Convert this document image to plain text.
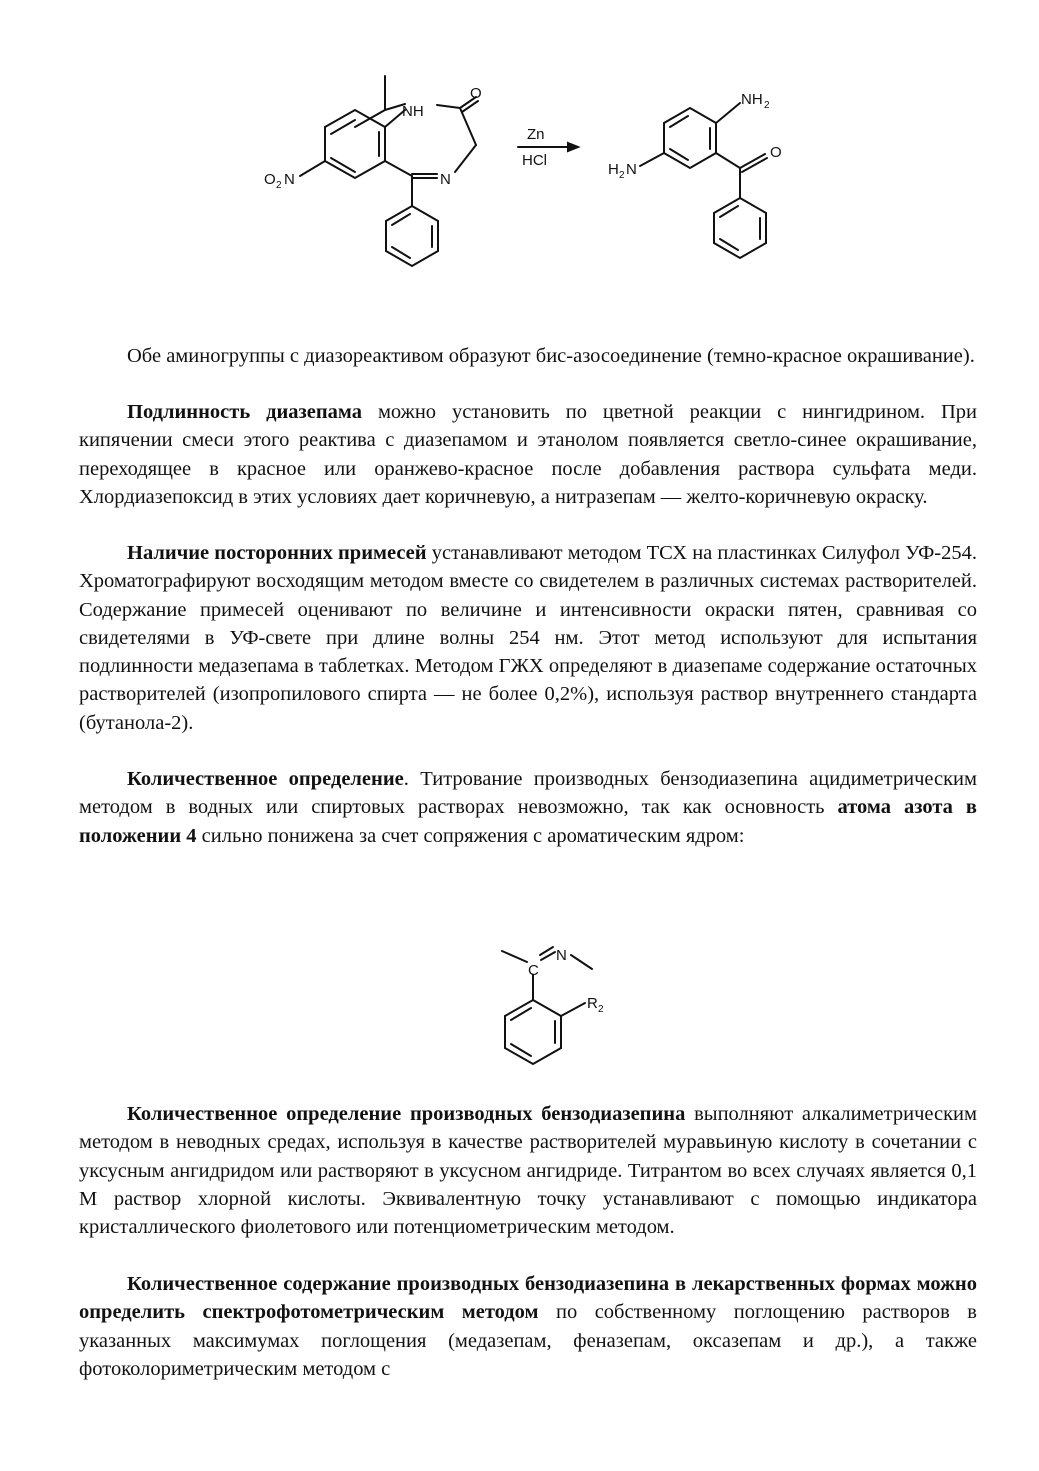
NH
O
N
O 2 N
Zn
HCl
NH 2
H 2 N
O

Обе аминогруппы с диазореактивом образуют бис-азосоединение (темно-красное окрашивание).

Подлинность диазепама можно установить по цветной реакции с нингидрином. При кипячении смеси этого реактива с диазепамом и этанолом появляется светло-синее окрашивание, переходящее в красное или оранжево-красное после добавления раствора сульфата меди. Хлордиазепоксид в этих условиях дает коричневую, а нитразепам — желто-коричневую окраску.

Наличие посторонних примесей устанавливают методом ТСХ на пластинках Силуфол УФ-254. Хроматографируют восходящим методом вместе со свидетелем в различных системах растворителей. Содержание примесей оценивают по величине и интенсивности окраски пятен, сравнивая со свидетелями в УФ-свете при длине волны 254 нм. Этот метод используют для испытания подлинности медазепама в таблетках. Методом ГЖХ определяют в диазепаме содержание остаточных растворителей (изопропилового спирта — не более 0,2%), используя раствор внутреннего стандарта (бутанола-2).

Количественное определение. Титрование производных бензодиазепина ацидиметрическим методом в водных или спиртовых растворах невозможно, так как основность атома азота в положении 4 сильно понижена за счет сопряжения с ароматическим ядром:

C
N
R 2

Количественное определение производных бензодиазепина выполняют алкалиметрическим методом в неводных средах, используя в качестве растворителей муравьиную кислоту в сочетании с уксусным ангидридом или растворяют в уксусном ангидриде. Титрантом во всех случаях является 0,1 М раствор хлорной кислоты. Эквивалентную точку устанавливают с помощью индикатора кристаллического фиолетового или потенциометрическим методом.

Количественное содержание производных бензодиазепина в лекарственных формах можно определить спектрофотометрическим методом по собственному поглощению растворов в указанных максимумах поглощения (медазепам, феназепам, оксазепам и др.), а также фотоколориметрическим методом с
